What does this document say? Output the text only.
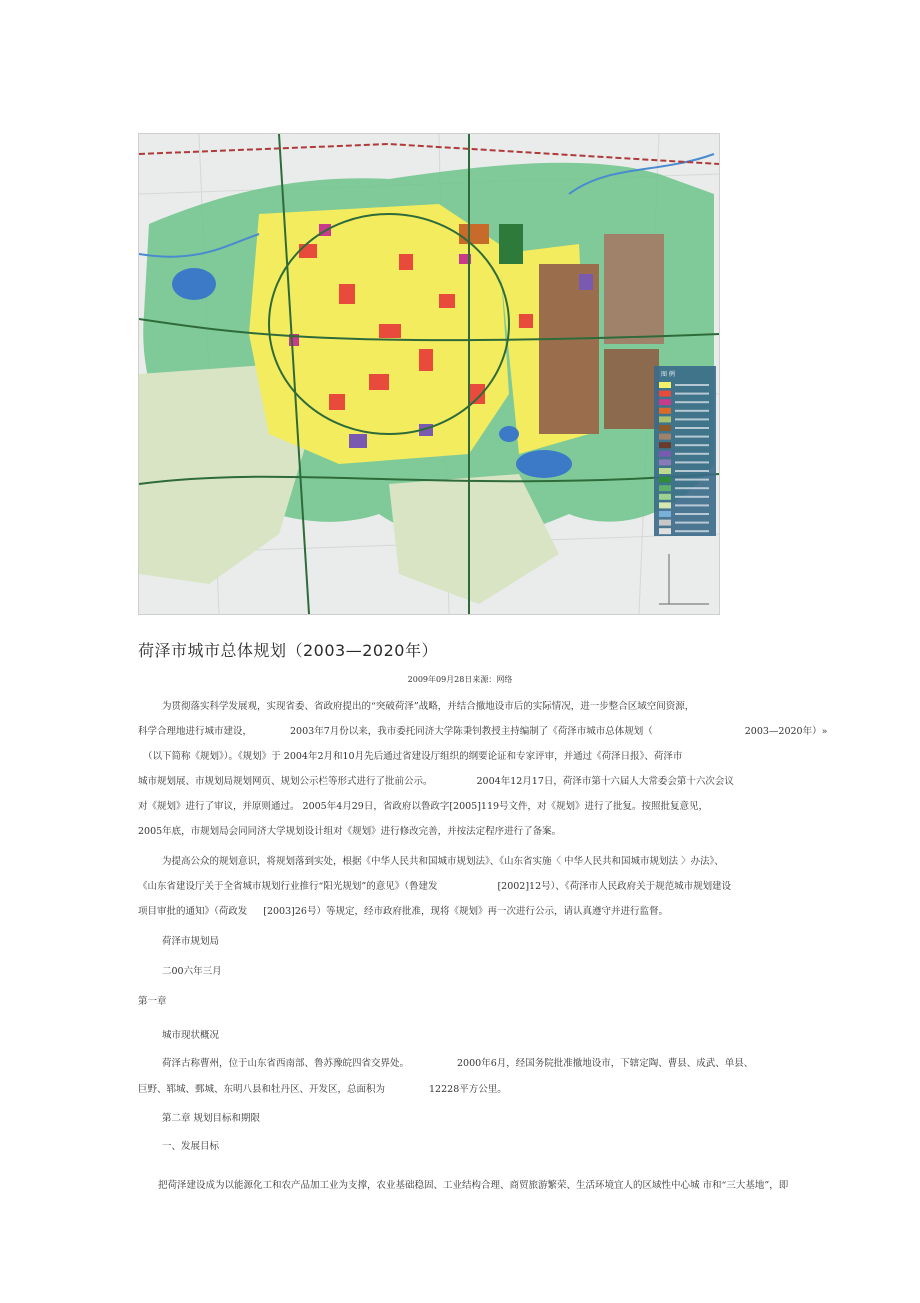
图 例
荷泽市城市总体规划（2003—2020年）
2009年09月28日来源：网络
为贯彻落实科学发展观，实现省委、省政府提出的“突破荷泽”战略，并结合撤地设市后的实际情况，进一步整合区域空间资源，
科学合理地进行城市建设，	2003年7月份以来，我市委托同济大学陈秉钊教授主持编制了《荷泽市城市总体规划（	2003—2020年）»
（以下简称《规划》）。《规划》于 2004年2月和10月先后通过省建设厅组织的纲要论证和专家评审，并通过《荷泽日报》、荷泽市
城市规划展、市规划局规划网页、规划公示栏等形式进行了批前公示。	2004年12月17日，荷泽市第十六届人大常委会第十六次会议
对《规划》进行了审议，并原则通过。 2005年4月29日，省政府以鲁政字[2005]119号文件，对《规划》进行了批复。按照批复意见，
2005年底，市规划局会同同济大学规划设计组对《规划》进行修改完善，并按法定程序进行了备案。
为提高公众的规划意识，将规划落到实处，根据《中华人民共和国城市规划法》、《山东省实施〈 中华人民共和国城市规划法 〉办法》、
《山东省建设厅关于全省城市规划行业推行“阳光规划”的意见》（鲁建发	[2002]12号）、《荷泽市人民政府关于规范城市规划建设
项目审批的通知》（荷政发 [2003]26号）等规定，经市政府批准，现将《规划》再一次进行公示，请认真遵守并进行监督。
荷泽市规划局
二00六年三月
第一章
城市现状概况
荷泽古称曹州，位于山东省西南部、鲁苏豫皖四省交界处。	2000年6月，经国务院批准撤地设市，下辖定陶、曹县、成武、单县、
巨野、郓城、鄄城、东明八县和牡丹区、开发区，总面积为	12228平方公里。
第二章 规划目标和期限
一、发展目标
把荷泽建设成为以能源化工和农产品加工业为支撑，农业基础稳固、工业结构合理、商贸旅游繁荣、生活环境宜人的区域性中心城 市和“三大基地”，即
